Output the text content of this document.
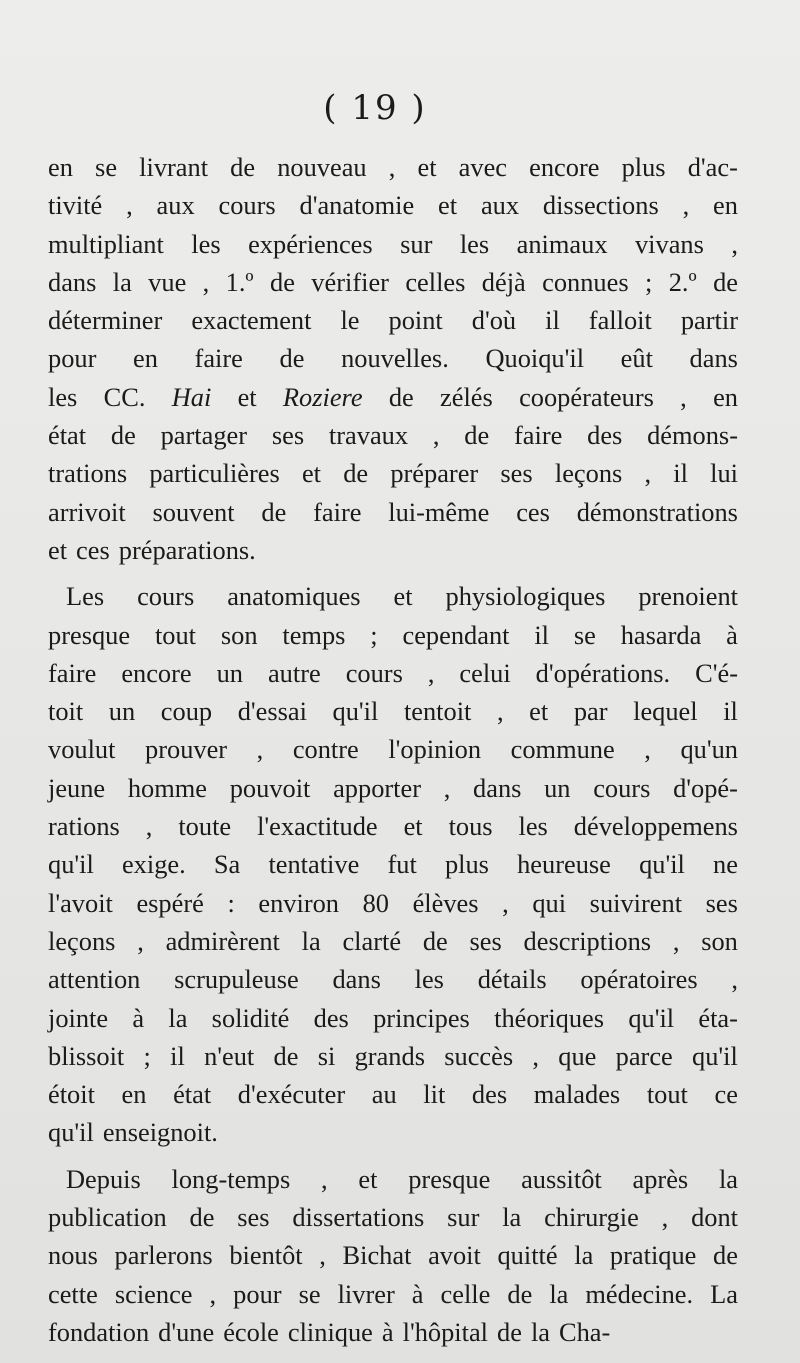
( 19 )
en se livrant de nouveau , et avec encore plus d'ac-
tivité , aux cours d'anatomie et aux dissections , en
multipliant les expériences sur les animaux vivans ,
dans la vue , 1.º de vérifier celles déjà connues ; 2.º de
déterminer exactement le point d'où il falloit partir
pour en faire de nouvelles. Quoiqu'il eût dans
les CC. Hai et Roziere de zélés coopérateurs , en
état de partager ses travaux , de faire des démons-
trations particulières et de préparer ses leçons , il lui
arrivoit souvent de faire lui-même ces démonstrations
et ces préparations.
Les cours anatomiques et physiologiques prenoient
presque tout son temps ; cependant il se hasarda à
faire encore un autre cours , celui d'opérations. C'é-
toit un coup d'essai qu'il tentoit , et par lequel il
voulut prouver , contre l'opinion commune , qu'un
jeune homme pouvoit apporter , dans un cours d'opé-
rations , toute l'exactitude et tous les développemens
qu'il exige. Sa tentative fut plus heureuse qu'il ne
l'avoit espéré : environ 80 élèves , qui suivirent ses
leçons , admirèrent la clarté de ses descriptions , son
attention scrupuleuse dans les détails opératoires ,
jointe à la solidité des principes théoriques qu'il éta-
blissoit ; il n'eut de si grands succès , que parce qu'il
étoit en état d'exécuter au lit des malades tout ce
qu'il enseignoit.
Depuis long-temps , et presque aussitôt après la
publication de ses dissertations sur la chirurgie , dont
nous parlerons bientôt , Bichat avoit quitté la pratique de
cette science , pour se livrer à celle de la médecine. La
fondation d'une école clinique à l'hôpital de la Cha-
